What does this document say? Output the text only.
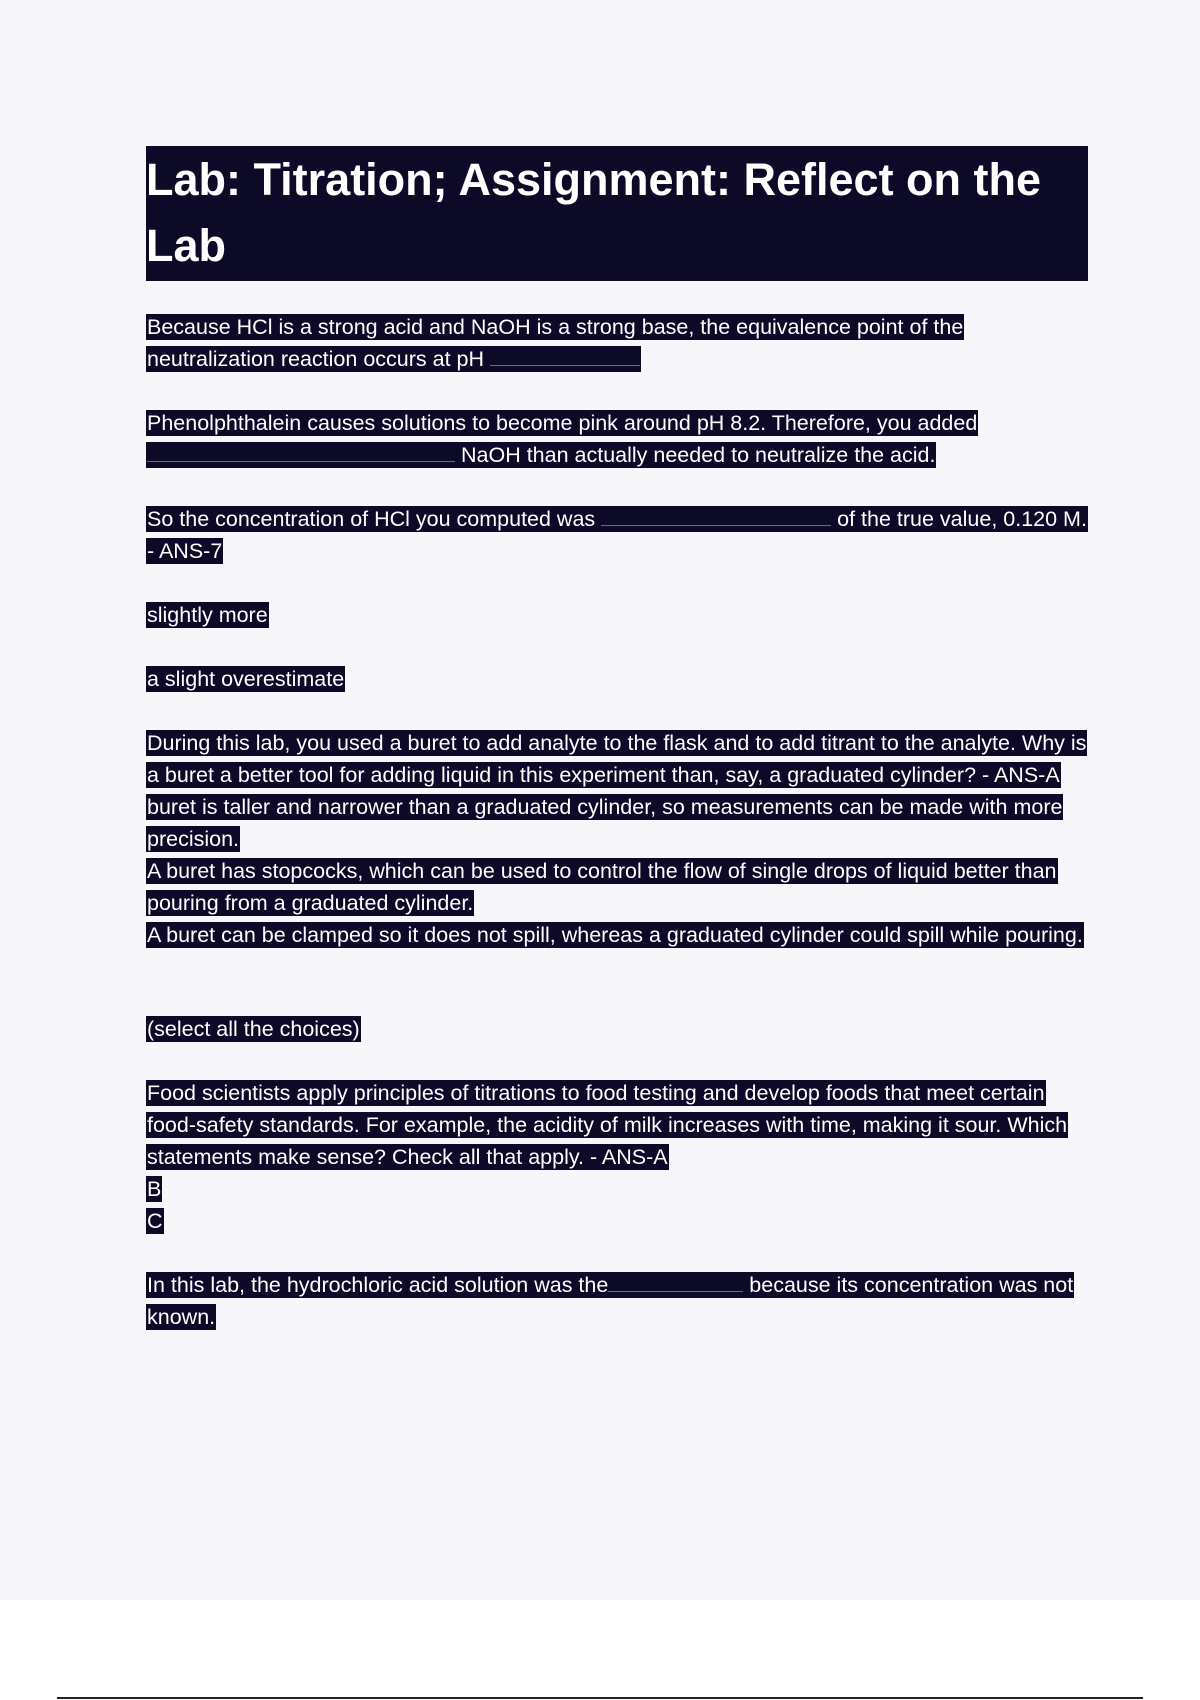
Lab: Titration; Assignment: Reflect on the Lab

Because HCl is a strong acid and NaOH is a strong base, the equivalence point of the neutralization reaction occurs at pH

Phenolphthalein causes solutions to become pink around pH 8.2. Therefore, you added  NaOH than actually needed to neutralize the acid.

So the concentration of HCl you computed was	of the true value, 0.120 M. - ANS-7

slightly more

a slight overestimate

During this lab, you used a buret to add analyte to the flask and to add titrant to the analyte. Why is a buret a better tool for adding liquid in this experiment than, say, a graduated cylinder? - ANS-A buret is taller and narrower than a graduated cylinder, so measurements can be made with more precision.

A buret has stopcocks, which can be used to control the flow of single drops of liquid better than pouring from a graduated cylinder.

A buret can be clamped so it does not spill, whereas a graduated cylinder could spill while pouring.

(select all the choices)

Food scientists apply principles of titrations to food testing and develop foods that meet certain food-safety standards. For example, the acidity of milk increases with time, making it sour. Which statements make sense? Check all that apply. - ANS-A

B

C

In this lab, the hydrochloric acid solution was the	because its concentration was not known.
